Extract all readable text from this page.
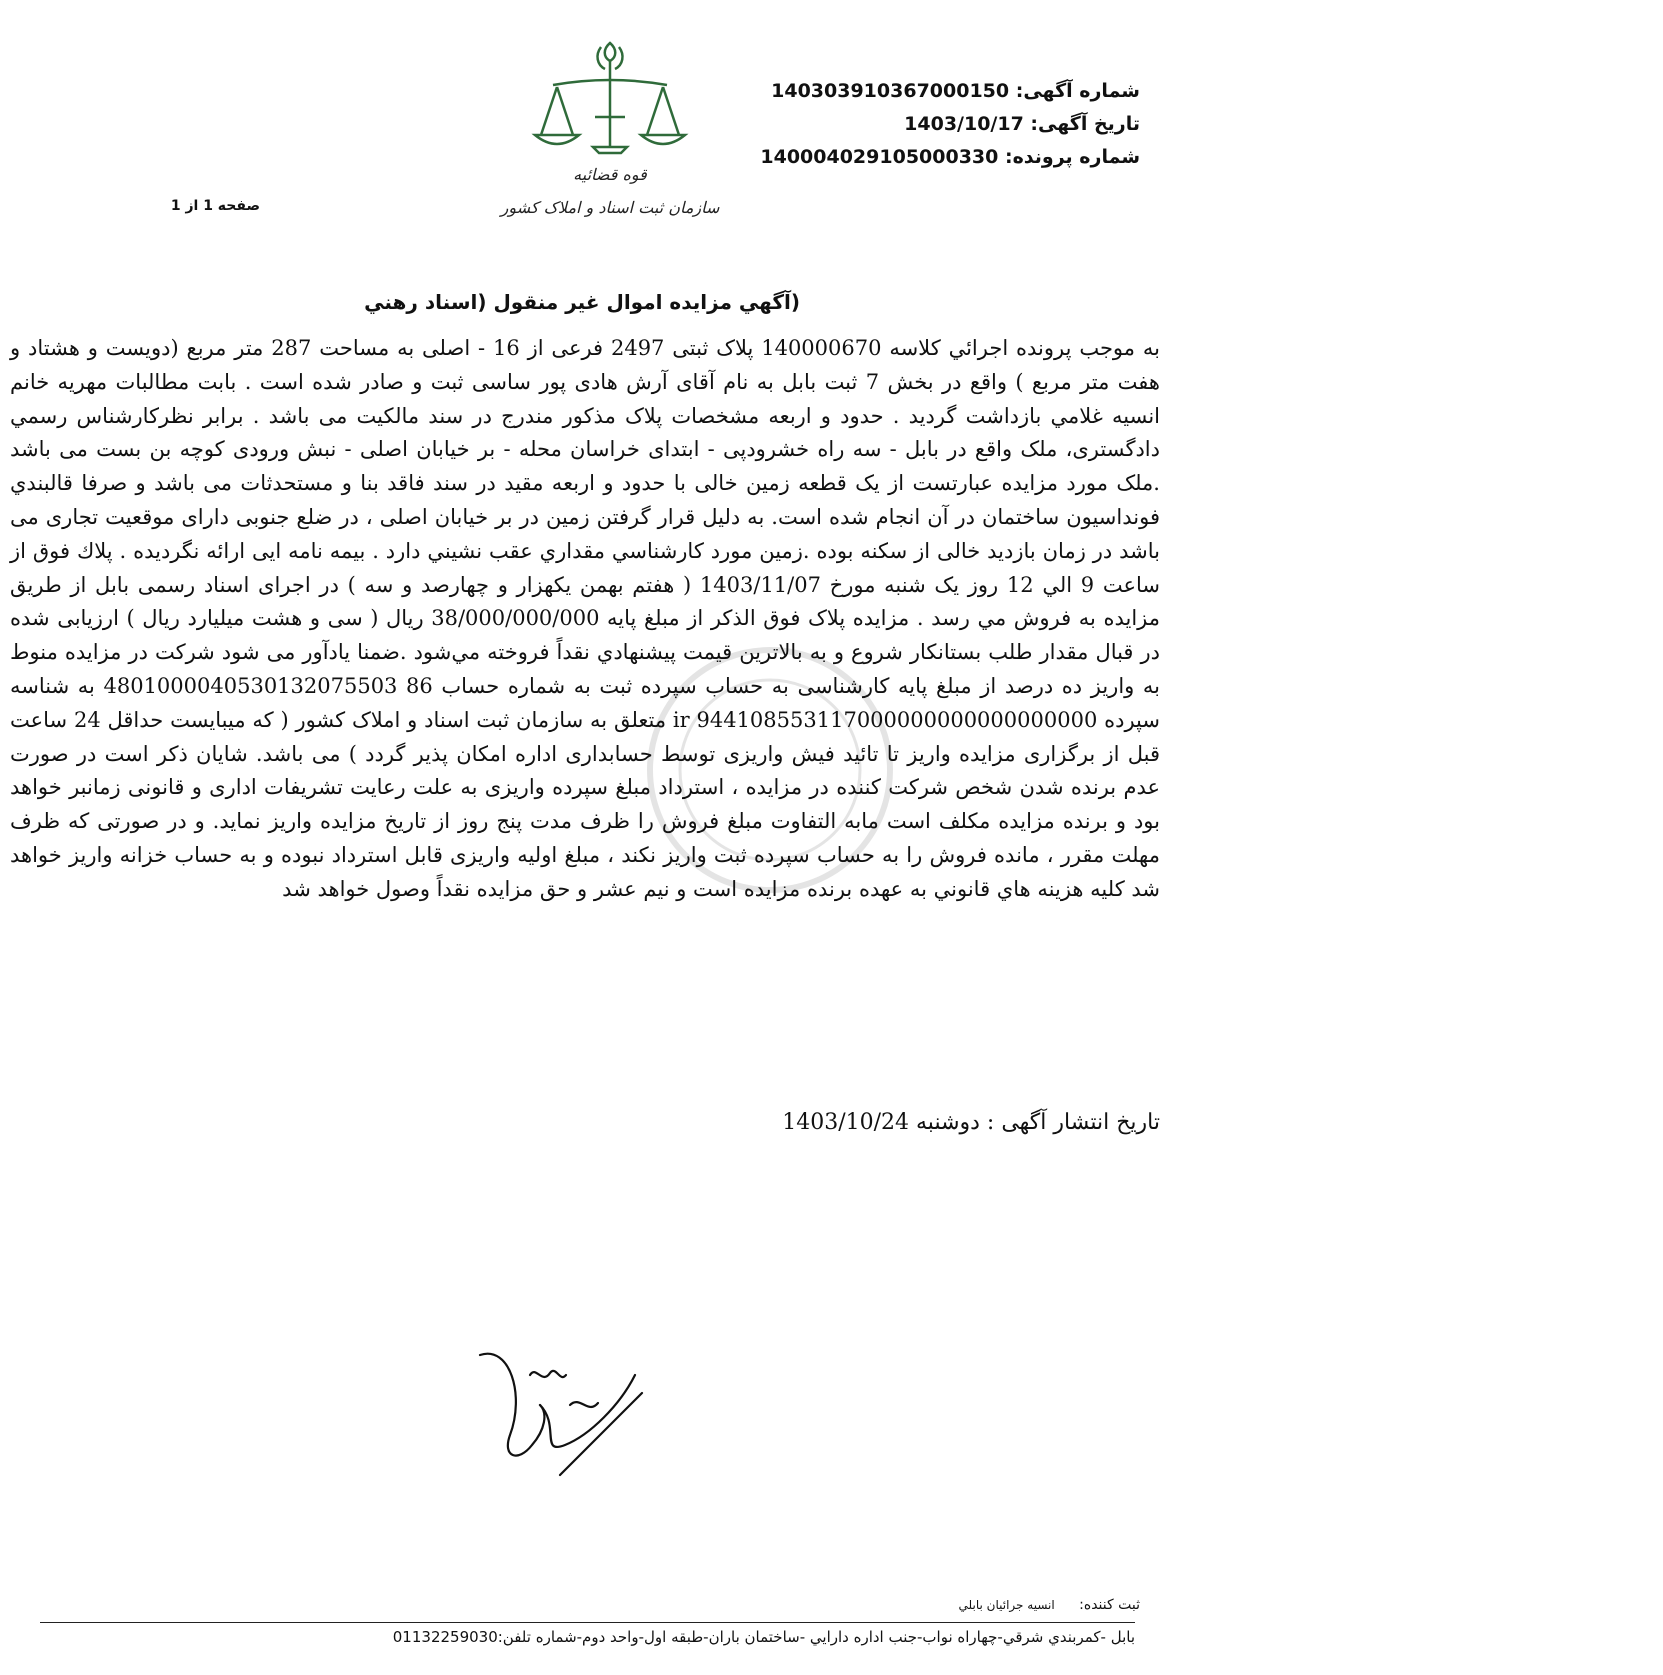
شماره آگهی: 140303910367000150
تاریخ آگهی: 1403/10/17
شماره پرونده: 14000402910500033​0
قوه قضائیه
سازمان ثبت اسناد و املاک کشور
صفحه 1 از 1
(آگهي مزايده اموال غير منقول (اسناد رهني
به موجب پرونده اجرائي كلاسه 140000670 پلاک ثبتی 2497 فرعی از 16 - اصلی به مساحت 287 متر مربع (دویست و هشتاد و هفت متر مربع ) واقع در بخش 7 ثبت بابل به نام آقای آرش هادی پور ساسی ثبت و صادر شده است . بابت مطالبات مهريه خانم انسيه غلامي بازداشت گرديد . حدود و اربعه مشخصات پلاک مذکور مندرج در سند مالکیت می باشد . برابر نظرکارشناس رسمي دادگستری، ملک واقع در بابل - سه راه خشرودپی - ابتدای خراسان محله - بر خیابان اصلی - نبش ورودی کوچه بن بست می باشد .ملک مورد مزایده عبارتست از یک قطعه زمین خالی با حدود و اربعه مقید در سند فاقد بنا و مستحدثات می باشد و صرفا قالبندي فونداسيون ساختمان در آن انجام شده است. به دليل قرار گرفتن زمين در بر خيابان اصلی ، در ضلع جنوبی دارای موقعيت تجاری می باشد در زمان بازدید خالی از سکنه بوده .زمین مورد کارشناسي مقداري عقب نشيني دارد . بیمه نامه ایی ارائه نگردیده . پلاك فوق از ساعت 9 الي 12 روز یک شنبه مورخ 1403/11/07 ( هفتم بهمن يكهزار و چهارصد و سه ) در اجرای اسناد رسمی بابل از طريق مزايده به فروش مي رسد . مزايده پلاک فوق الذكر از مبلغ پايه 38/000/000/000 ريال ( سی و هشت میلیارد ریال ) ارزیابی شده در قبال مقدار طلب بستانكار شروع و به بالاترين قيمت پيشنهادي نقداً فروخته مي‌شود .ضمنا يادآور می شود شرکت در مزايده منوط به واريز ده درصد از مبلغ پایه کارشناسی به حساب سپرده ثبت به شماره حساب 4801000040530132075503 86 به شناسه سپرده ir 944108553117000000000000000000 متعلق به سازمان ثبت اسناد و املاک کشور ( که ميبايست حداقل 24 ساعت قبل از برگزاری مزايده واريز تا تائيد فيش واريزی توسط حسابداری اداره امکان پذير گردد ) می باشد. شایان ذکر است در صورت عدم برنده شدن شخص شرکت کننده در مزایده ، استرداد مبلغ سپرده واریزی به علت رعایت تشریفات اداری و قانونی زمانبر خواهد بود و برنده مزایده مکلف است مابه التفاوت مبلغ فروش را ظرف مدت پنج روز از تاریخ مزایده واریز نماید. و در صورتی که ظرف مهلت مقرر ، مانده فروش را به حساب سپرده ثبت واریز نکند ، مبلغ اولیه واریزی قابل استرداد نبوده و به حساب خزانه واریز خواهد شد كليه هزينه هاي قانوني به عهده برنده مزايده است و نيم عشر و حق مزايده نقداً وصول خواهد شد
تاریخ انتشار آگهی : دوشنبه 1403/10/24
ثبت کننده: انسيه جرائيان بابلي
بابل -کمربندي شرقي-چهاراه نواب-جنب اداره دارايي -ساختمان باران-طبقه اول-واحد دوم-شماره تلفن:01132259030
